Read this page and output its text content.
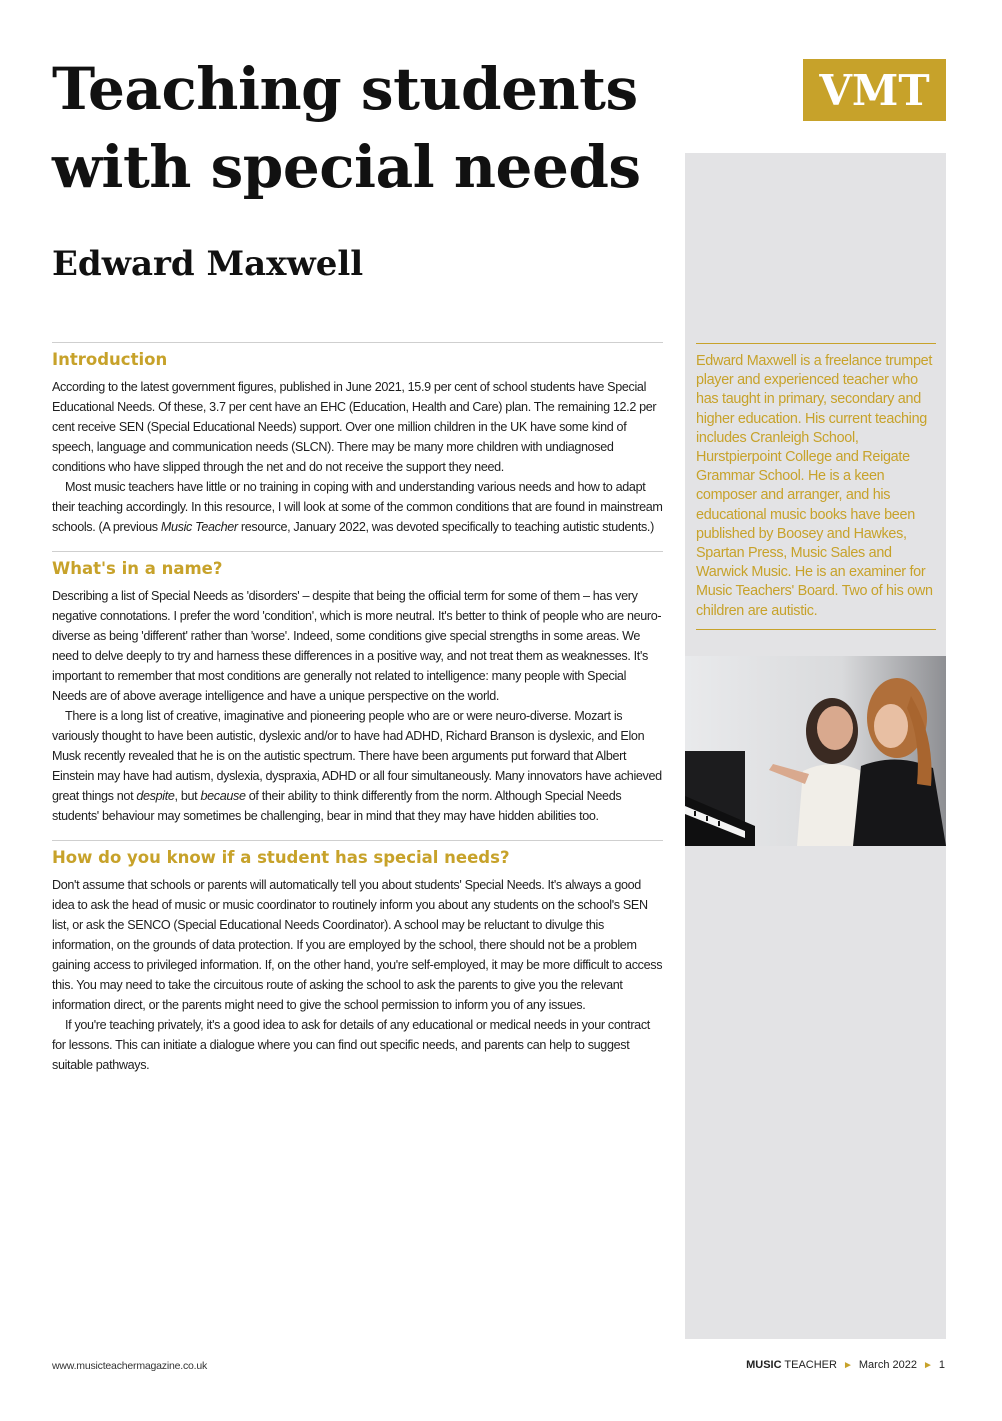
Teaching students with special needs
Edward Maxwell
VMT
Edward Maxwell is a freelance trumpet player and experienced teacher who has taught in primary, secondary and higher education. His current teaching includes Cranleigh School, Hurstpierpoint College and Reigate Grammar School. He is a keen composer and arranger, and his educational music books have been published by Boosey and Hawkes, Spartan Press, Music Sales and Warwick Music. He is an examiner for Music Teachers' Board. Two of his own children are autistic.
Introduction

According to the latest government figures, published in June 2021, 15.9 per cent of school students have Special Educational Needs. Of these, 3.7 per cent have an EHC (Education, Health and Care) plan. The remaining 12.2 per cent receive SEN (Special Educational Needs) support. Over one million children in the UK have some kind of speech, language and communication needs (SLCN). There may be many more children with undiagnosed conditions who have slipped through the net and do not receive the support they need.

Most music teachers have little or no training in coping with and understanding various needs and how to adapt their teaching accordingly. In this resource, I will look at some of the common conditions that are found in mainstream schools. (A previous Music Teacher resource, January 2022, was devoted specifically to teaching autistic students.)

What's in a name?

Describing a list of Special Needs as 'disorders' – despite that being the official term for some of them – has very negative connotations. I prefer the word 'condition', which is more neutral. It's better to think of people who are neuro-diverse as being 'different' rather than 'worse'. Indeed, some conditions give special strengths in some areas. We need to delve deeply to try and harness these differences in a positive way, and not treat them as weaknesses. It's important to remember that most conditions are generally not related to intelligence: many people with Special Needs are of above average intelligence and have a unique perspective on the world.

There is a long list of creative, imaginative and pioneering people who are or were neuro-diverse. Mozart is variously thought to have been autistic, dyslexic and/or to have had ADHD, Richard Branson is dyslexic, and Elon Musk recently revealed that he is on the autistic spectrum. There have been arguments put forward that Albert Einstein may have had autism, dyslexia, dyspraxia, ADHD or all four simultaneously. Many innovators have achieved great things not despite, but because of their ability to think differently from the norm. Although Special Needs students' behaviour may sometimes be challenging, bear in mind that they may have hidden abilities too.

How do you know if a student has special needs?

Don't assume that schools or parents will automatically tell you about students' Special Needs. It's always a good idea to ask the head of music or music coordinator to routinely inform you about any students on the school's SEN list, or ask the SENCO (Special Educational Needs Coordinator). A school may be reluctant to divulge this information, on the grounds of data protection. If you are employed by the school, there should not be a problem gaining access to privileged information. If, on the other hand, you're self-employed, it may be more difficult to access this. You may need to take the circuitous route of asking the school to ask the parents to give you the relevant information direct, or the parents might need to give the school permission to inform you of any issues.

If you're teaching privately, it's a good idea to ask for details of any educational or medical needs in your contract for lessons. This can initiate a dialogue where you can find out specific needs, and parents can help to suggest suitable pathways.

www.musicteachermagazine.co.uk	MUSIC TEACHER ► March 2022 ► 1
